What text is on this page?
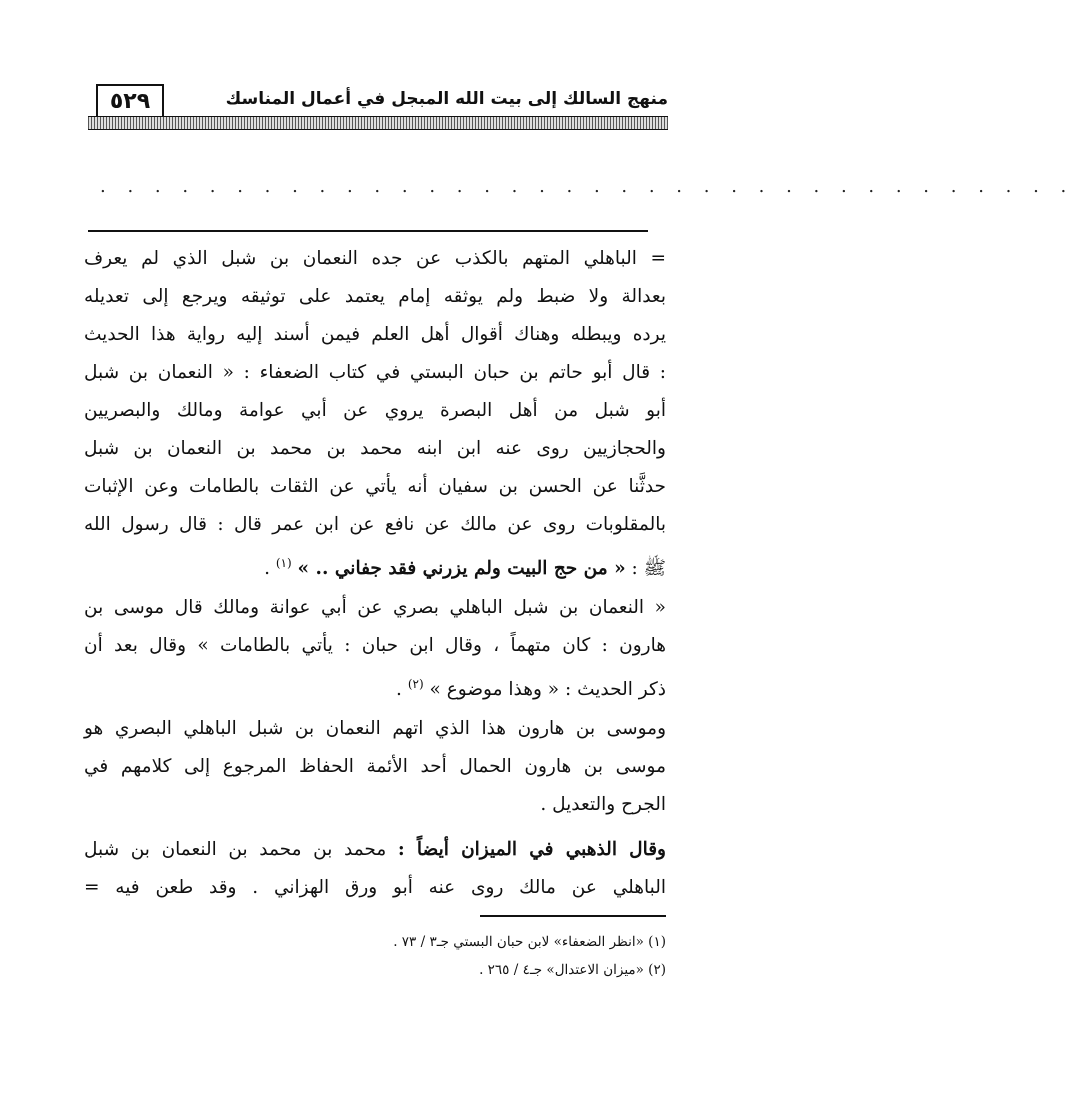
منهج السالك إلى بيت الله المبجل في أعمال المناسك
٥٢٩
. . . . . . . . . . . . . . . . . . . . . . . . . . . . . . . . . . . .
= الباهلي المتهم بالكذب عن جده النعمان بن شبل الذي لم يعرف
بعدالة ولا ضبط ولم يوثقه إمام يعتمد على توثيقه ويرجع إلى تعديله
يرده ويبطله وهناك أقوال أهل العلم فيمن أسند إليه رواية هذا الحديث
: قال أبو حاتم بن حبان البستي في كتاب الضعفاء : « النعمان بن شبل
أبو شبل من أهل البصرة يروي عن أبي عوامة ومالك والبصريين
والحجازيين روى عنه ابن ابنه محمد بن محمد بن النعمان بن شبل
حدثَّنا عن الحسن بن سفيان أنه يأتي عن الثقات بالطامات وعن الإثبات
بالمقلوبات روى عن مالك عن نافع عن ابن عمر قال : قال رسول الله
ﷺ : « من حج البيت ولم يزرني فقد جفاني .. » $^{(١)}$ .
« النعمان بن شبل الباهلي بصري عن أبي عوانة ومالك قال موسى بن
هارون : كان متهماً ، وقال ابن حبان : يأتي بالطامات » وقال بعد أن
ذكر الحديث : « وهذا موضوع » $^{(٢)}$ .
وموسى بن هارون هذا الذي اتهم النعمان بن شبل الباهلي البصري هو
موسى بن هارون الحمال أحد الأئمة الحفاظ المرجوع إلى كلامهم في
الجرح والتعديل .
وقال الذهبي في الميزان أيضاً : محمد بن محمد بن النعمان بن شبل
الباهلي عن مالك روى عنه أبو ورق الهزاني . وقد طعن فيه =
(١) «انظر الضعفاء» لابن حبان البستي جـ٣ / ٧٣ .
(٢) «ميزان الاعتدال» جـ٤ / ٢٦٥ .
